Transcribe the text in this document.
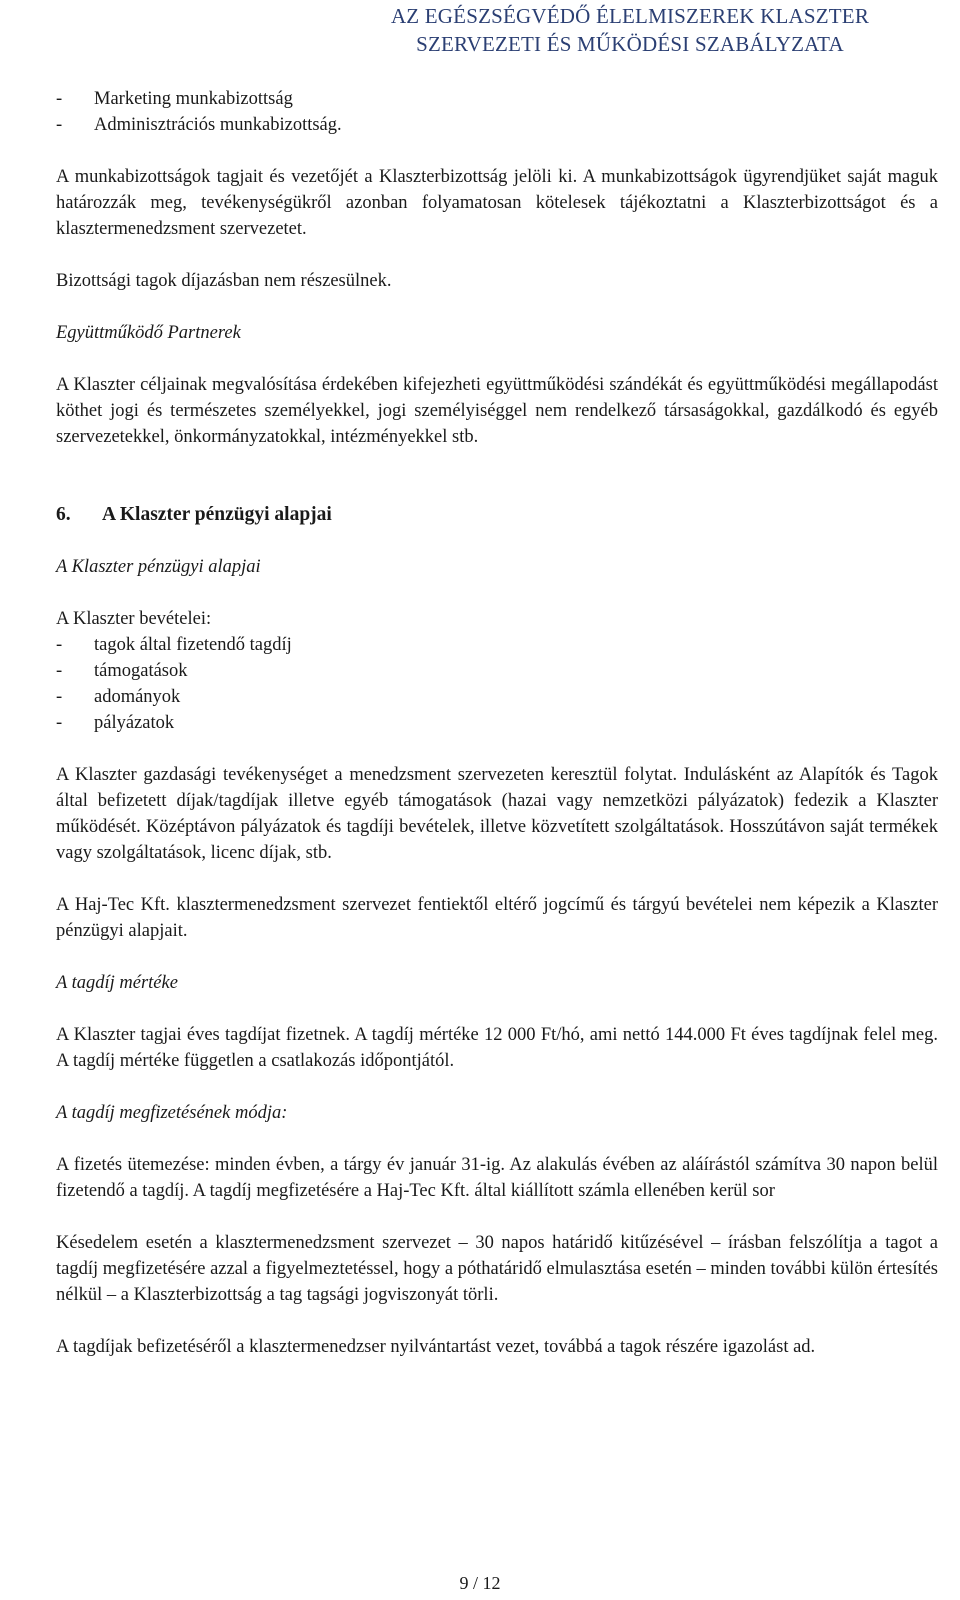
AZ EGÉSZSÉGVÉDŐ ÉLELMISZEREK KLASZTER
SZERVEZETI ÉS MŰKÖDÉSI SZABÁLYZATA
-	Marketing munkabizottság
-	Adminisztrációs munkabizottság.

A munkabizottságok tagjait és vezetőjét a Klaszterbizottság jelöli ki. A munkabizottságok ügyrendjüket saját maguk határozzák meg, tevékenységükről azonban folyamatosan kötelesek tájékoztatni a Klaszterbizottságot és a klasztermenedzsment szervezetet.

Bizottsági tagok díjazásban nem részesülnek.

Együttműködő Partnerek

A Klaszter céljainak megvalósítása érdekében kifejezheti együttműködési szándékát és együttműködési megállapodást köthet jogi és természetes személyekkel, jogi személyiséggel nem rendelkező társaságokkal, gazdálkodó és egyéb szervezetekkel, önkormányzatokkal, intézményekkel stb.

6. A Klaszter pénzügyi alapjai

A Klaszter pénzügyi alapjai

A Klaszter bevételei:

-	tagok által fizetendő tagdíj
-	támogatások
-	adományok
-	pályázatok

A Klaszter gazdasági tevékenységet a menedzsment szervezeten keresztül folytat. Indulásként az Alapítók és Tagok által befizetett díjak/tagdíjak illetve egyéb támogatások (hazai vagy nemzetközi pályázatok) fedezik a Klaszter működését. Középtávon pályázatok és tagdíji bevételek, illetve közvetített szolgáltatások. Hosszútávon saját termékek vagy szolgáltatások, licenc díjak, stb.

A Haj-Tec Kft. klasztermenedzsment szervezet fentiektől eltérő jogcímű és tárgyú bevételei nem képezik a Klaszter pénzügyi alapjait.

A tagdíj mértéke

A Klaszter tagjai éves tagdíjat fizetnek. A tagdíj mértéke 12 000 Ft/hó, ami nettó 144.000 Ft éves tagdíjnak felel meg. A tagdíj mértéke független a csatlakozás időpontjától.

A tagdíj megfizetésének módja:

A fizetés ütemezése: minden évben, a tárgy év január 31-ig. Az alakulás évében az aláírástól számítva 30 napon belül fizetendő a tagdíj. A tagdíj megfizetésére a Haj-Tec Kft. által kiállított számla ellenében kerül sor

Késedelem esetén a klasztermenedzsment szervezet – 30 napos határidő kitűzésével – írásban felszólítja a tagot a tagdíj megfizetésére azzal a figyelmeztetéssel, hogy a póthatáridő elmulasztása esetén – minden további külön értesítés nélkül – a Klaszterbizottság a tag tagsági jogviszonyát törli.

A tagdíjak befizetéséről a klasztermenedzser nyilvántartást vezet, továbbá a tagok részére igazolást ad.

9 / 12
